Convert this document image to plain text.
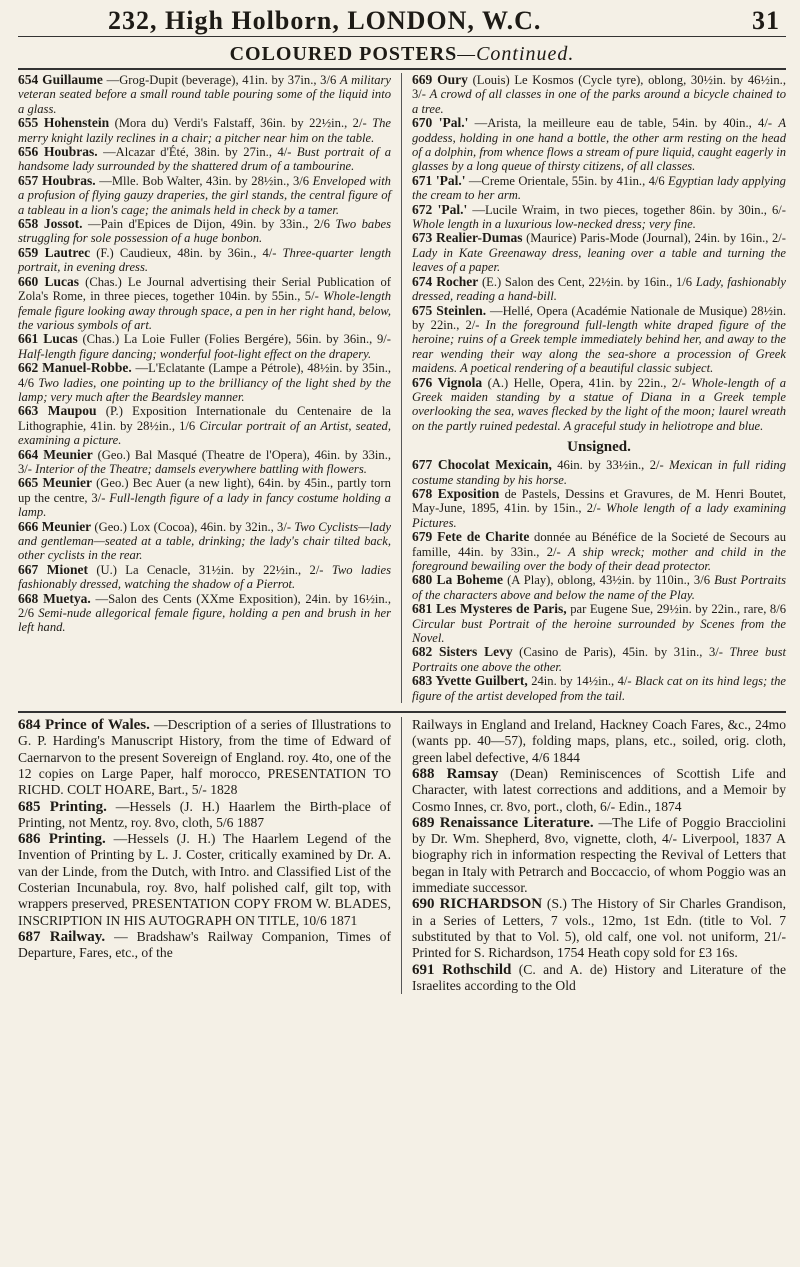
232, High Holborn, LONDON, W.C.	31
COLOURED POSTERS—Continued.

654 Guillaume —Grog-Dupit (beverage), 41in. by 37in., 3/6 A military veteran seated before a small round table pouring some of the liquid into a glass.

655 Hohenstein (Mora du) Verdi's Falstaff, 36in. by 22½in., 2/- The merry knight lazily reclines in a chair; a pitcher near him on the table.

656 Houbras. —Alcazar d'Été, 38in. by 27in., 4/- Bust portrait of a handsome lady surrounded by the shattered drum of a tambourine.

657 Houbras. —Mlle. Bob Walter, 43in. by 28½in., 3/6 Enveloped with a profusion of flying gauzy draperies, the girl stands, the central figure of a tableau in a lion's cage; the animals held in check by a tamer.

658 Jossot. —Pain d'Epices de Dijon, 49in. by 33in., 2/6 Two babes struggling for sole possession of a huge bonbon.

659 Lautrec (F.) Caudieux, 48in. by 36in., 4/- Three-quarter length portrait, in evening dress.

660 Lucas (Chas.) Le Journal advertising their Serial Publication of Zola's Rome, in three pieces, together 104in. by 55in., 5/- Whole-length female figure looking away through space, a pen in her right hand, below, the various symbols of art.

661 Lucas (Chas.) La Loie Fuller (Folies Bergére), 56in. by 36in., 9/- Half-length figure dancing; wonderful foot-light effect on the drapery.

662 Manuel-Robbe. —L'Eclatante (Lampe a Pétrole), 48½in. by 35in., 4/6 Two ladies, one pointing up to the brilliancy of the light shed by the lamp; very much after the Beardsley manner.

663 Maupou (P.) Exposition Internationale du Centenaire de la Lithographie, 41in. by 28½in., 1/6 Circular portrait of an Artist, seated, examining a picture.

664 Meunier (Geo.) Bal Masqué (Theatre de l'Opera), 46in. by 33in., 3/- Interior of the Theatre; damsels everywhere battling with flowers.

665 Meunier (Geo.) Bec Auer (a new light), 64in. by 45in., partly torn up the centre, 3/- Full-length figure of a lady in fancy costume holding a lamp.

666 Meunier (Geo.) Lox (Cocoa), 46in. by 32in., 3/- Two Cyclists—lady and gentleman—seated at a table, drinking; the lady's chair tilted back, other cyclists in the rear.

667 Mionet (U.) La Cenacle, 31½in. by 22½in., 2/- Two ladies fashionably dressed, watching the shadow of a Pierrot.

668 Muetya. —Salon des Cents (XXme Exposition), 24in. by 16½in., 2/6 Semi-nude allegorical female figure, holding a pen and brush in her left hand.

669 Oury (Louis) Le Kosmos (Cycle tyre), oblong, 30½in. by 46½in., 3/- A crowd of all classes in one of the parks around a bicycle chained to a tree.

670 'Pal.' —Arista, la meilleure eau de table, 54in. by 40in., 4/- A goddess, holding in one hand a bottle, the other arm resting on the head of a dolphin, from whence flows a stream of pure liquid, caught eagerly in glasses by a long queue of thirsty citizens, of all classes.

671 'Pal.' —Creme Orientale, 55in. by 41in., 4/6 Egyptian lady applying the cream to her arm.

672 'Pal.' —Lucile Wraim, in two pieces, together 86in. by 30in., 6/- Whole length in a luxurious low-necked dress; very fine.

673 Realier-Dumas (Maurice) Paris-Mode (Journal), 24in. by 16in., 2/- Lady in Kate Greenaway dress, leaning over a table and turning the leaves of a paper.

674 Rocher (E.) Salon des Cent, 22½in. by 16in., 1/6 Lady, fashionably dressed, reading a hand-bill.

675 Steinlen. —Hellé, Opera (Académie Nationale de Musique) 28½in. by 22in., 2/- In the foreground full-length white draped figure of the heroine; ruins of a Greek temple immediately behind her, and away to the rear wending their way along the sea-shore a procession of Greek maidens. A poetical rendering of a beautiful classic subject.

676 Vignola (A.) Helle, Opera, 41in. by 22in., 2/- Whole-length of a Greek maiden standing by a statue of Diana in a Greek temple overlooking the sea, waves flecked by the light of the moon; laurel wreath on the partly ruined pedestal. A graceful study in heliotrope and blue.

Unsigned.

677 Chocolat Mexicain, 46in. by 33½in., 2/- Mexican in full riding costume standing by his horse.

678 Exposition de Pastels, Dessins et Gravures, de M. Henri Boutet, May-June, 1895, 41in. by 15in., 2/- Whole length of a lady examining Pictures.

679 Fete de Charite donnée au Bénéfice de la Societé de Secours au famille, 44in. by 33in., 2/- A ship wreck; mother and child in the foreground bewailing over the body of their dead protector.

680 La Boheme (A Play), oblong, 43½in. by 110in., 3/6 Bust Portraits of the characters above and below the name of the Play.

681 Les Mysteres de Paris, par Eugene Sue, 29½in. by 22in., rare, 8/6 Circular bust Portrait of the heroine surrounded by Scenes from the Novel.

682 Sisters Levy (Casino de Paris), 45in. by 31in., 3/- Three bust Portraits one above the other.

683 Yvette Guilbert, 24in. by 14½in., 4/- Black cat on its hind legs; the figure of the artist developed from the tail.

684 Prince of Wales. —Description of a series of Illustrations to G. P. Harding's Manuscript History, from the time of Edward of Caernarvon to the present Sovereign of England. roy. 4to, one of the 12 copies on Large Paper, half morocco, PRESENTATION TO RICHD. COLT HOARE, Bart., 5/- 1828

685 Printing. —Hessels (J. H.) Haarlem the Birth-place of Printing, not Mentz, roy. 8vo, cloth, 5/6 1887

686 Printing. —Hessels (J. H.) The Haarlem Legend of the Invention of Printing by L. J. Coster, critically examined by Dr. A. van der Linde, from the Dutch, with Intro. and Classified List of the Costerian Incunabula, roy. 8vo, half polished calf, gilt top, with wrappers preserved, PRESENTATION COPY FROM W. BLADES, INSCRIPTION IN HIS AUTOGRAPH ON TITLE, 10/6 1871

687 Railway. — Bradshaw's Railway Companion, Times of Departure, Fares, etc., of the

Railways in England and Ireland, Hackney Coach Fares, &c., 24mo (wants pp. 40—57), folding maps, plans, etc., soiled, orig. cloth, green label defective, 4/6 1844

688 Ramsay (Dean) Reminiscences of Scottish Life and Character, with latest corrections and additions, and a Memoir by Cosmo Innes, cr. 8vo, port., cloth, 6/- Edin., 1874

689 Renaissance Literature. —The Life of Poggio Bracciolini by Dr. Wm. Shepherd, 8vo, vignette, cloth, 4/- Liverpool, 1837 A biography rich in information respecting the Revival of Letters that began in Italy with Petrarch and Boccaccio, of whom Poggio was an immediate successor.

690 RICHARDSON (S.) The History of Sir Charles Grandison, in a Series of Letters, 7 vols., 12mo, 1st Edn. (title to Vol. 7 substituted by that to Vol. 5), old calf, one vol. not uniform, 21/- Printed for S. Richardson, 1754 Heath copy sold for £3 16s.

691 Rothschild (C. and A. de) History and Literature of the Israelites according to the Old
